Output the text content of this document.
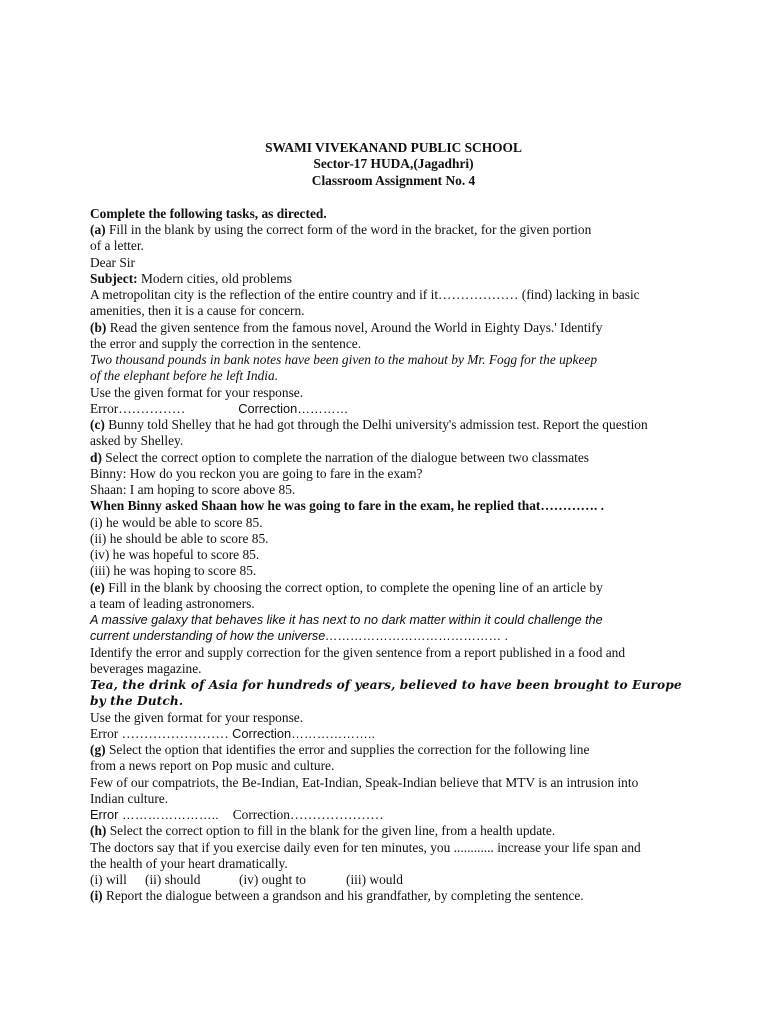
SWAMI VIVEKANAND PUBLIC SCHOOL
Sector-17 HUDA,(Jagadhri)
Classroom Assignment No. 4
Complete the following tasks, as directed.
(a) Fill in the blank by using the correct form of the word in the bracket, for the given portion
of a letter.
Dear Sir
Subject: Modern cities, old problems
A metropolitan city is the reflection of the entire country and if it……………… (find) lacking in basic
amenities, then it is a cause for concern.
(b) Read the given sentence from the famous novel, Around the World in Eighty Days.' Identify
the error and supply the correction in the sentence.
Two thousand pounds in bank notes have been given to the mahout by Mr. Fogg for the upkeep
of the elephant before he left India.
Use the given format for your response.
Error……………	Correction…………
(c) Bunny told Shelley that he had got through the Delhi university's admission test. Report the question
asked by Shelley.
d) Select the correct option to complete the narration of the dialogue between two classmates
Binny: How do you reckon you are going to fare in the exam?
Shaan: I am hoping to score above 85.
When Binny asked Shaan how he was going to fare in the exam, he replied that…………. .
(i) he would be able to score 85.
(ii) he should be able to score 85.
(iv) he was hopeful to score 85.
(iii) he was hoping to score 85.
(e) Fill in the blank by choosing the correct option, to complete the opening line of an article by
a team of leading astronomers.
A massive galaxy that behaves like it has next to no dark matter within it could challenge the
current understanding of how the universe…………………………………… .
Identify the error and supply correction for the given sentence from a report published in a food and
beverages magazine.
Tea, the drink of Asia for hundreds of years, believed to have been brought to Europe
by the Dutch.
Use the given format for your response.
Error …………………… Correction………………..
(g) Select the option that identifies the error and supplies the correction for the following line
from a news report on Pop music and culture.
Few of our compatriots, the Be-Indian, Eat-Indian, Speak-Indian believe that MTV is an intrusion into
Indian culture.
Error ………………….. Correction…………………
(h) Select the correct option to fill in the blank for the given line, from a health update.
The doctors say that if you exercise daily even for ten minutes, you ............ increase your life span and
the health of your heart dramatically.
(i) will (ii) should	(iv) ought to	(iii) would
(i) Report the dialogue between a grandson and his grandfather, by completing the sentence.
